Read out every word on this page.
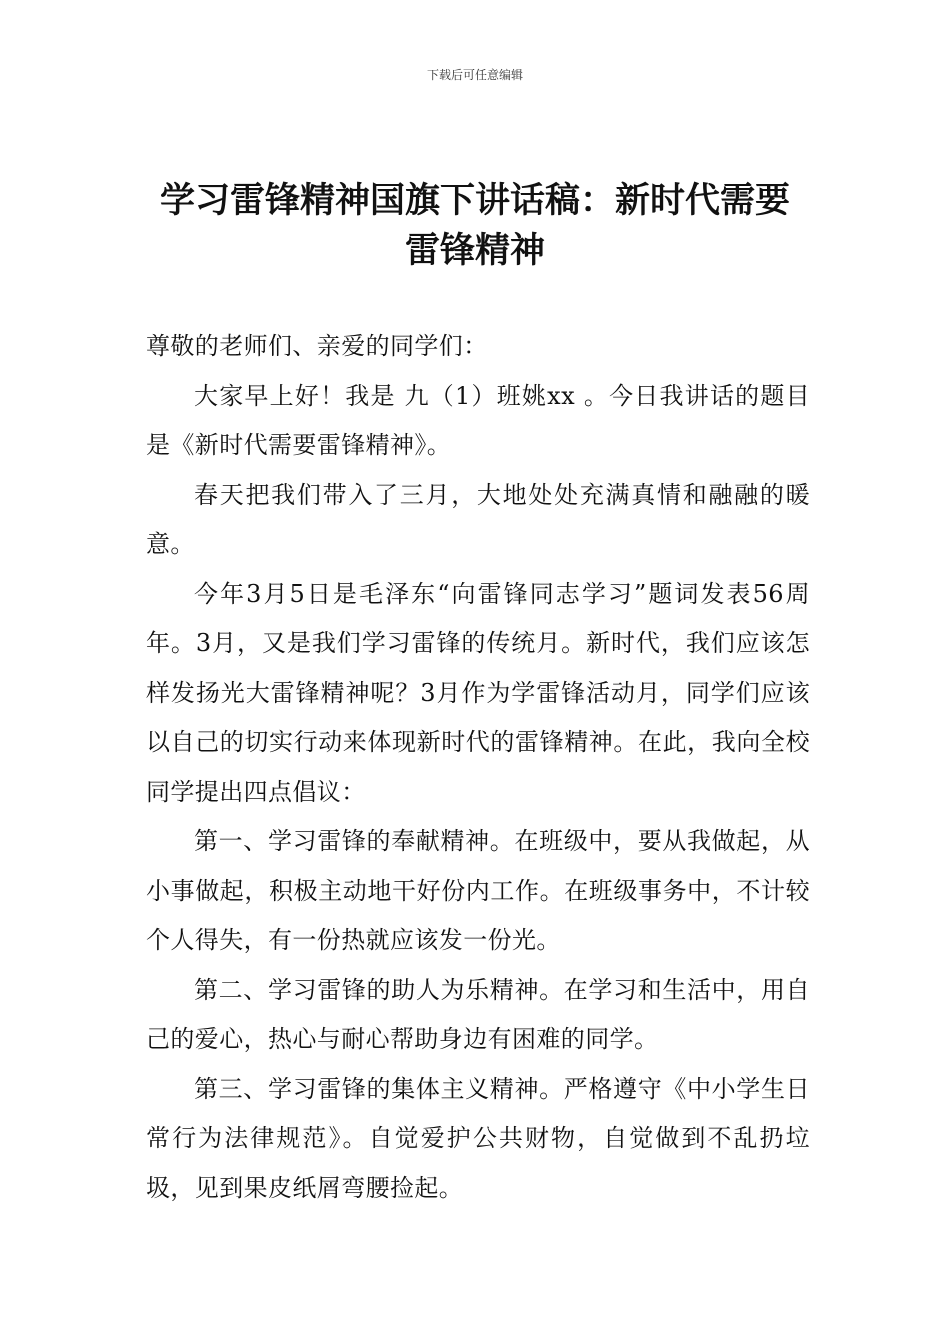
下载后可任意编辑
学习雷锋精神国旗下讲话稿：新时代需要
雷锋精神

尊敬的老师们、亲爱的同学们：

大家早上好！我是 九（1）班姚xx 。今日我讲话的题目是《新时代需要雷锋精神》。

春天把我们带入了三月，大地处处充满真情和融融的暖意。

今年3月5日是毛泽东“向雷锋同志学习”题词发表56周年。3月，又是我们学习雷锋的传统月。新时代，我们应该怎样发扬光大雷锋精神呢？3月作为学雷锋活动月，同学们应该以自己的切实行动来体现新时代的雷锋精神。在此，我向全校同学提出四点倡议：

第一、学习雷锋的奉献精神。在班级中，要从我做起，从小事做起，积极主动地干好份内工作。在班级事务中，不计较个人得失，有一份热就应该发一份光。

第二、学习雷锋的助人为乐精神。在学习和生活中，用自己的爱心，热心与耐心帮助身边有困难的同学。

第三、学习雷锋的集体主义精神。严格遵守《中小学生日常行为法律规范》。自觉爱护公共财物，自觉做到不乱扔垃圾，见到果皮纸屑弯腰捡起。
